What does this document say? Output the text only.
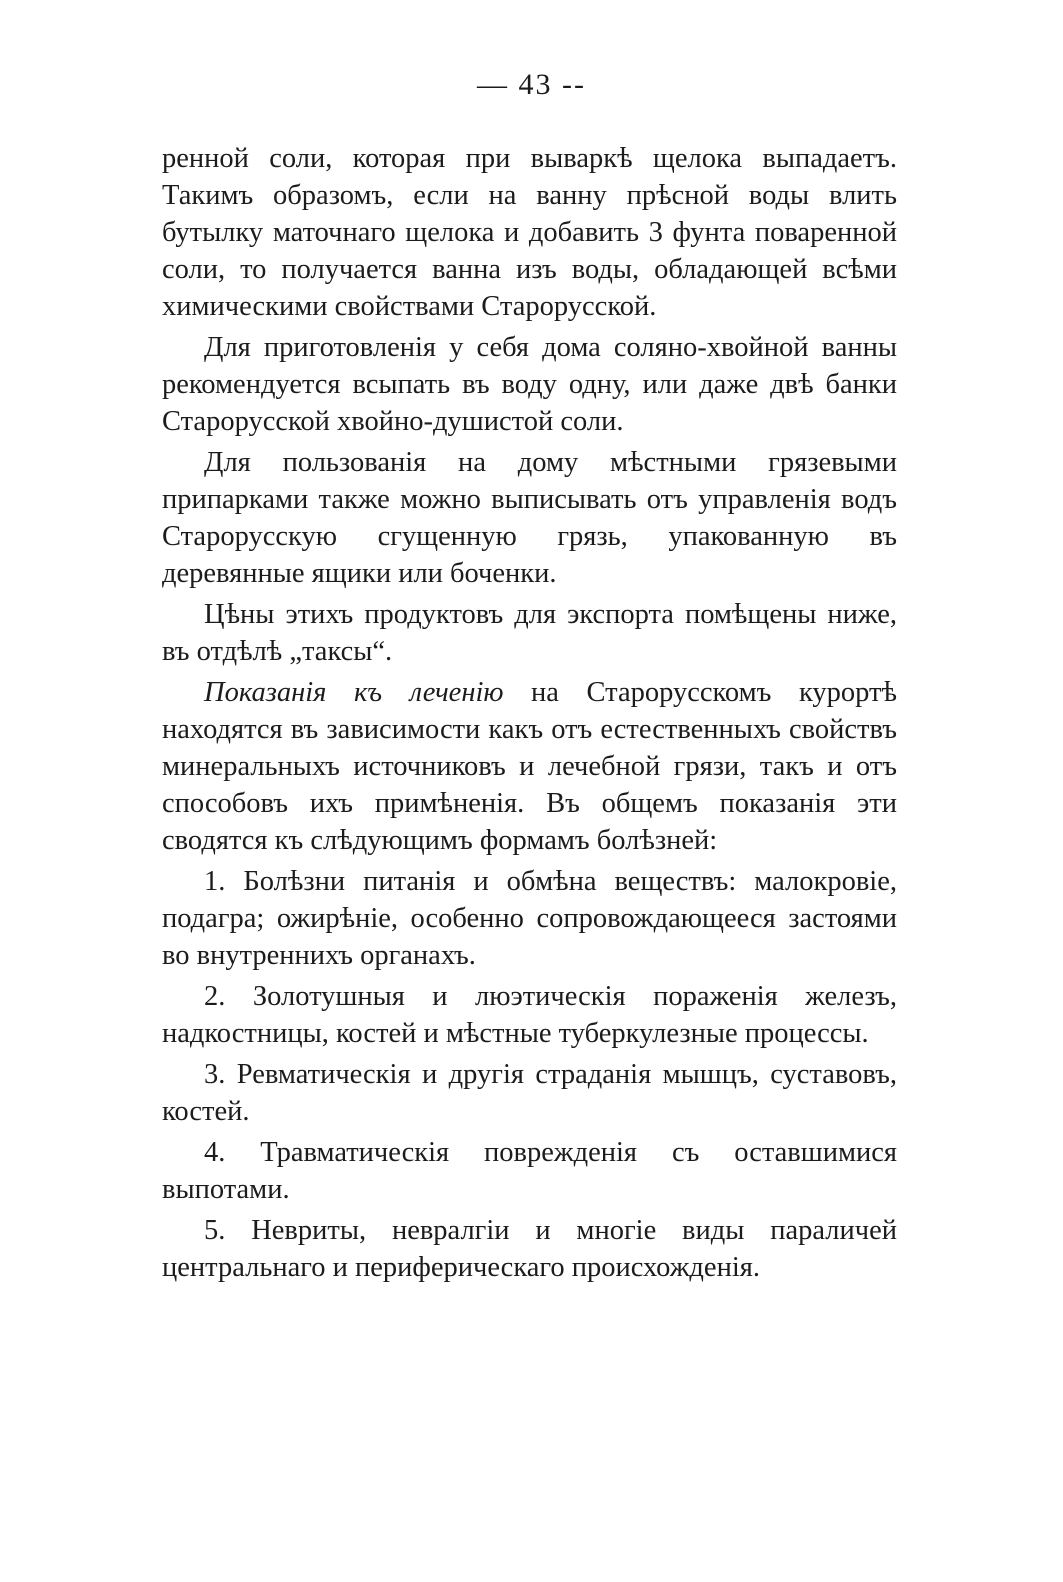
— 43 --

ренной соли, которая при вываркѣ щелока выпадаетъ. Такимъ образомъ, если на ванну прѣсной воды влить бутылку маточнаго щелока и добавить 3 фунта поваренной соли, то получается ванна изъ воды, обладающей всѣми химическими свойствами Старорусской.

Для приготовленія у себя дома соляно-хвойной ванны рекомендуется всыпать въ воду одну, или даже двѣ банки Старорусской хвойно-душистой соли.

Для пользованія на дому мѣстными грязевыми припарками также можно выписывать отъ управленія водъ Старорусскую сгущенную грязь, упакованную въ деревянные ящики или боченки.

Цѣны этихъ продуктовъ для экспорта помѣщены ниже, въ отдѣлѣ „таксы“.

Показанія къ леченію на Старорусскомъ курортѣ находятся въ зависимости какъ отъ естественныхъ свойствъ минеральныхъ источниковъ и лечебной грязи, такъ и отъ способовъ ихъ примѣненія. Въ общемъ показанія эти сводятся къ слѣдующимъ формамъ болѣзней:

1. Болѣзни питанія и обмѣна веществъ: малокровіе, подагра; ожирѣніе, особенно сопровождающееся застоями во внутреннихъ органахъ.

2. Золотушныя и люэтическія пораженія железъ, надкостницы, костей и мѣстные туберкулезные процессы.

3. Ревматическія и другія страданія мышцъ, суставовъ, костей.

4. Травматическія поврежденія съ оставшимися выпотами.

5. Невриты, невралгіи и многіе виды параличей центральнаго и периферическаго происхожденія.
